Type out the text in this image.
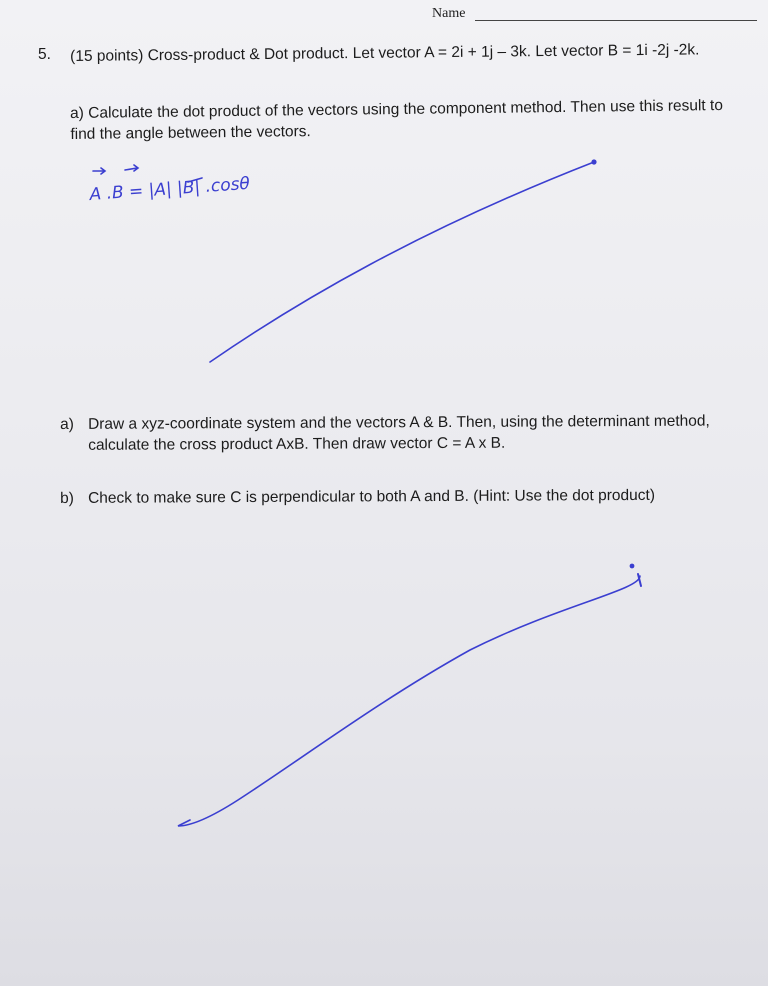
Name
5. (15 points) Cross-product & Dot product. Let vector A = 2i + 1j – 3k. Let vector B = 1i -2j -2k.
a) Calculate the dot product of the vectors using the component method. Then use this result to find the angle between the vectors.
a) Draw a xyz-coordinate system and the vectors A & B. Then, using the determinant method, calculate the cross product AxB. Then draw vector C = A x B.
b) Check to make sure C is perpendicular to both A and B. (Hint: Use the dot product)
A .B = |A| |B| .cosθ
